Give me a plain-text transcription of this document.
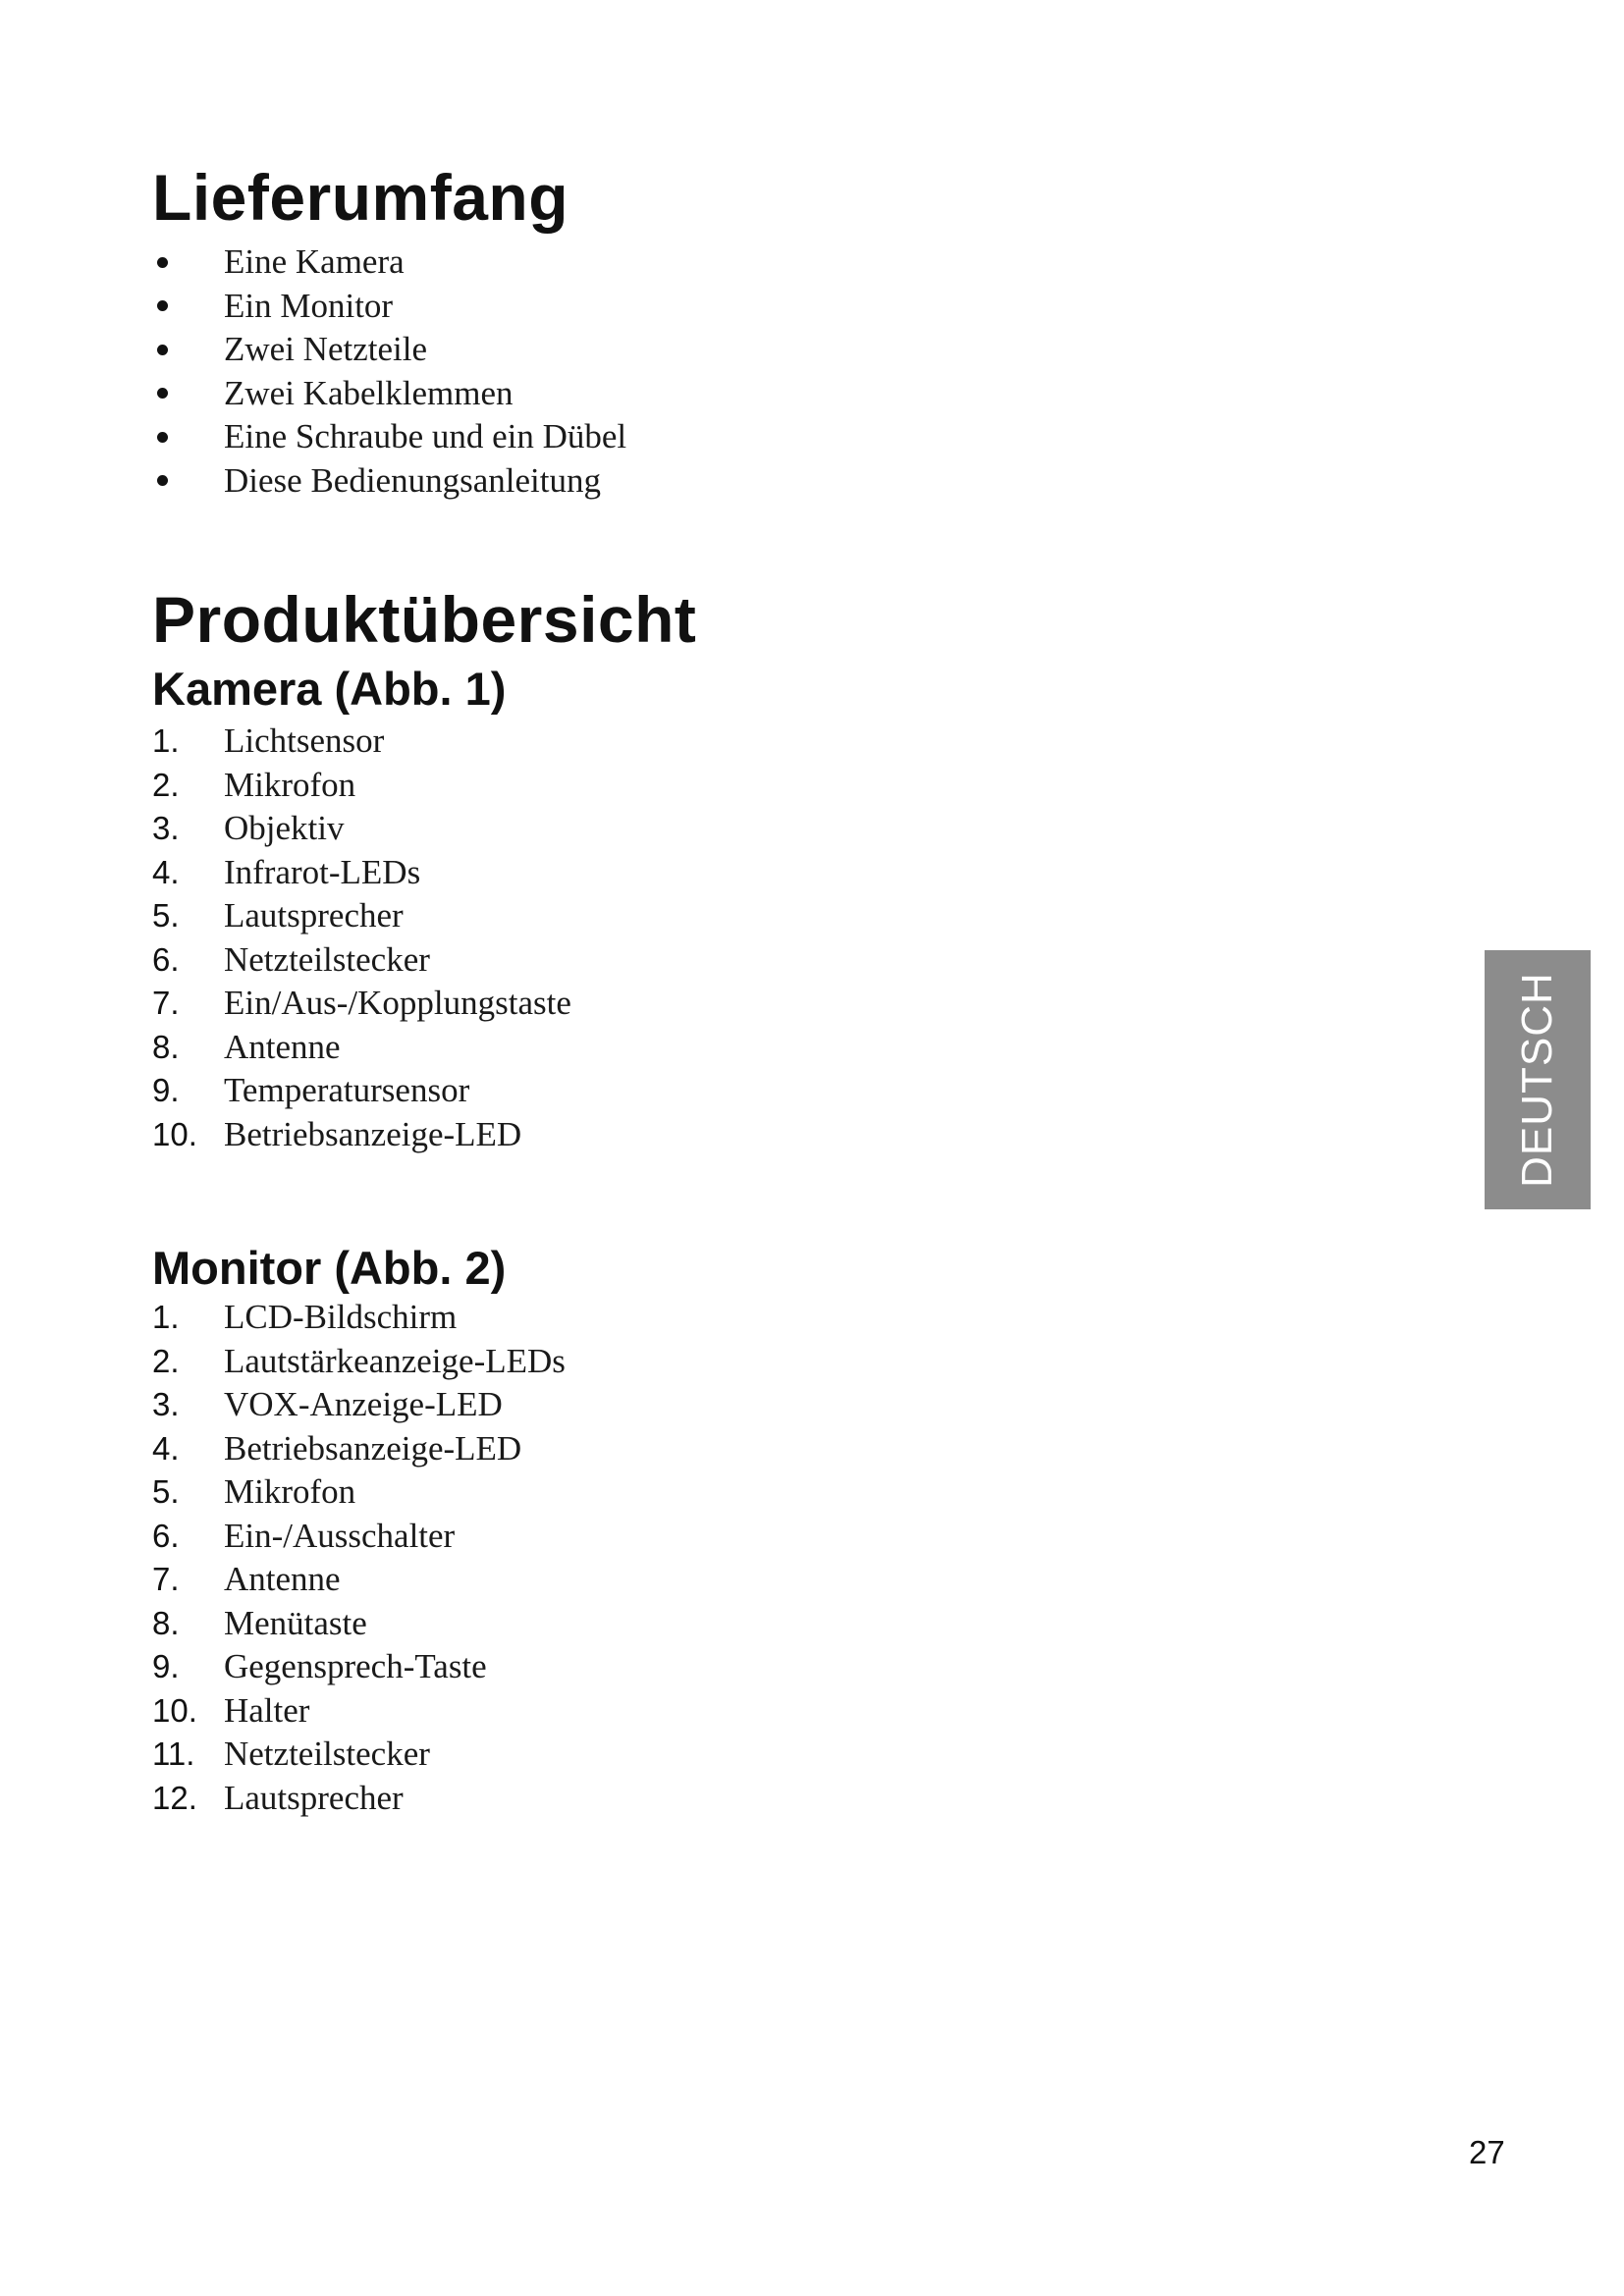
Lieferumfang
Eine Kamera
Ein Monitor
Zwei Netzteile
Zwei Kabelklemmen
Eine Schraube und ein Dübel
Diese Bedienungsanleitung
Produktübersicht
Kamera (Abb. 1)
1. Lichtsensor
2. Mikrofon
3. Objektiv
4. Infrarot-LEDs
5. Lautsprecher
6. Netzteilstecker
7. Ein/Aus-/Kopplungstaste
8. Antenne
9. Temperatursensor
10. Betriebsanzeige-LED
Monitor (Abb. 2)
1. LCD-Bildschirm
2. Lautstärkeanzeige-LEDs
3. VOX-Anzeige-LED
4. Betriebsanzeige-LED
5. Mikrofon
6. Ein-/Ausschalter
7. Antenne
8. Menütaste
9. Gegensprech-Taste
10. Halter
11. Netzteilstecker
12. Lautsprecher
DEUTSCH
27
